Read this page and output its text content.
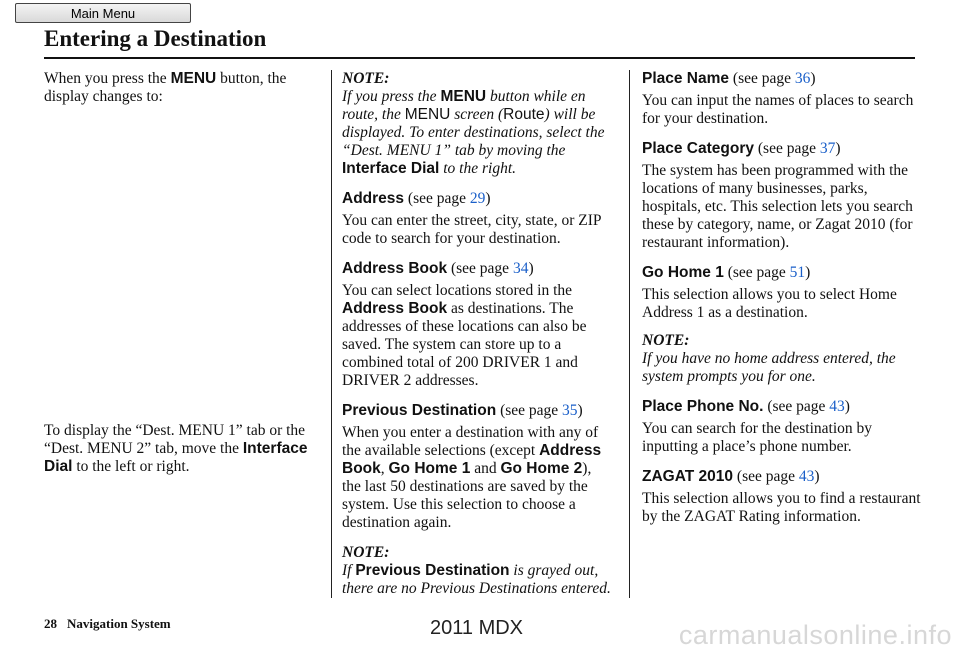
Main Menu
Entering a Destination

When you press the MENU button, the display changes to:

To display the “Dest. MENU 1” tab or the “Dest. MENU 2” tab, move the Interface Dial to the left or right.

NOTE:

If you press the MENU button while en route, the MENU screen (Route) will be displayed. To enter destinations, select the “Dest. MENU 1” tab by moving the Interface Dial to the right.

Address (see page 29)

You can enter the street, city, state, or ZIP code to search for your destination.

Address Book (see page 34)

You can select locations stored in the Address Book as destinations. The addresses of these locations can also be saved. The system can store up to a combined total of 200 DRIVER 1 and DRIVER 2 addresses.

Previous Destination (see page 35)

When you enter a destination with any of the available selections (except Address Book, Go Home 1 and Go Home 2), the last 50 destinations are saved by the system. Use this selection to choose a destination again.

NOTE:

If Previous Destination is grayed out, there are no Previous Destinations entered.

Place Name (see page 36)

You can input the names of places to search for your destination.

Place Category (see page 37)

The system has been programmed with the locations of many businesses, parks, hospitals, etc. This selection lets you search these by category, name, or Zagat 2010 (for restaurant information).

Go Home 1 (see page 51)

This selection allows you to select Home Address 1 as a destination.

NOTE:

If you have no home address entered, the system prompts you for one.

Place Phone No. (see page 43)

You can search for the destination by inputting a place’s phone number.

ZAGAT 2010 (see page 43)

This selection allows you to find a restaurant by the ZAGAT Rating information.

28 Navigation System	2011 MDX	carmanualsonline.info
